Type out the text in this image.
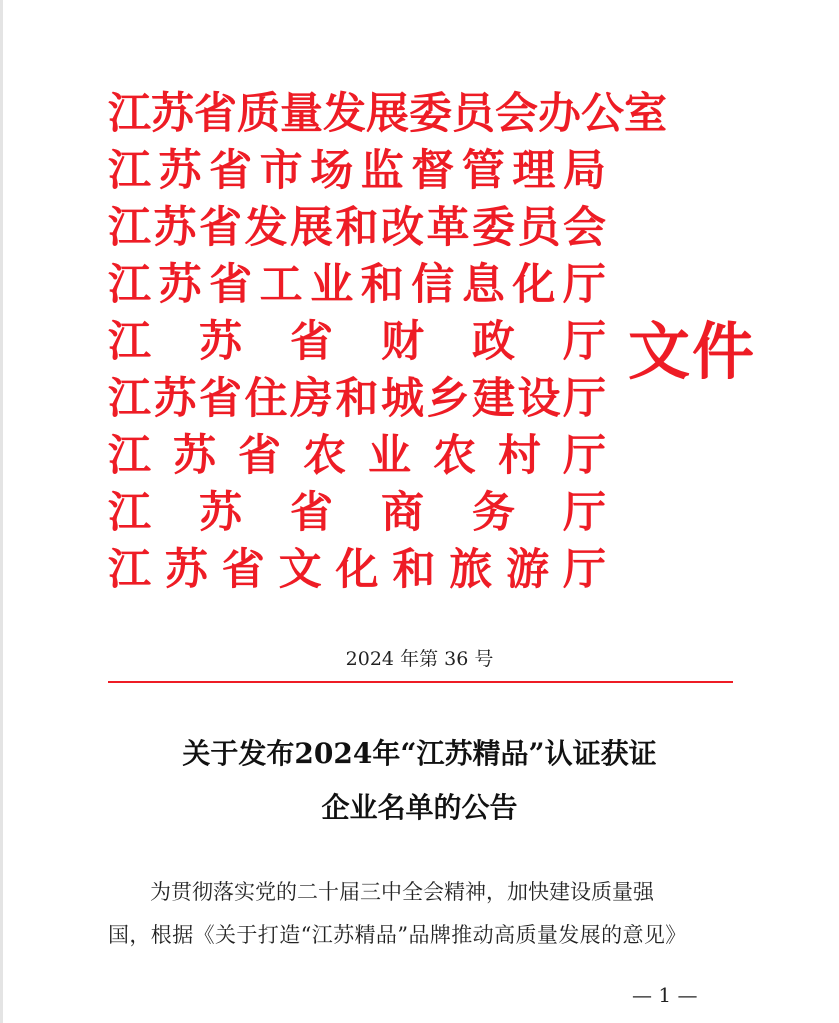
江 苏 省 质 量 发 展 委 员 会 办 公 室
江 苏 省 市 场 监 督 管 理 局
江 苏 省 发 展 和 改 革 委 员 会
江 苏 省 工 业 和 信 息 化 厅
江 苏 省 财 政 厅
江 苏 省 住 房 和 城 乡 建 设 厅
江 苏 省 农 业 农 村 厅
江 苏 省 商 务 厅
江 苏 省 文 化 和 旅 游 厅
文件
2024 年第 36 号
关于发布2024年“江苏精品”认证获证
企业名单的公告
为贯彻落实党的二十届三中全会精神，加快建设质量强
国，根据《关于打造“江苏精品”品牌推动高质量发展的意见》
— 1 —
